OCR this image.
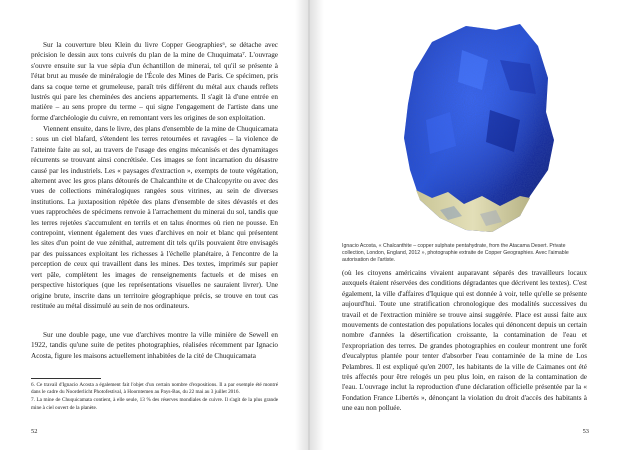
Sur la couverture bleu Klein du livre Copper Geographies⁶, se détache avec précision le dessin aux tons cuivrés du plan de la mine de Chuquimata⁷. L'ouvrage s'ouvre ensuite sur la vue sépia d'un échantillon de minerai, tel qu'il se présente à l'état brut au musée de minéralogie de l'École des Mines de Paris. Ce spécimen, pris dans sa coque terne et grumeleuse, paraît très différent du métal aux chauds reflets lustrés qui pare les cheminées des anciens appartements. Il s'agit là d'une entrée en matière – au sens propre du terme – qui signe l'engagement de l'artiste dans une forme d'archéologie du cuivre, en remontant vers les origines de son exploitation.

Viennent ensuite, dans le livre, des plans d'ensemble de la mine de Chuquicamata : sous un ciel blafard, s'étendent les terres retournées et ravagées – la violence de l'atteinte faite au sol, au travers de l'usage des engins mécanisés et des dynamitages récurrents se trouvant ainsi concrétisée. Ces images se font incarnation du désastre causé par les industriels. Les « paysages d'extraction », exempts de toute végétation, alternent avec les gros plans détourés de Chalcanthite et de Chalcopyrite ou avec des vues de collections minéralogiques rangées sous vitrines, au sein de diverses institutions. La juxtaposition répétée des plans d'ensemble de sites dévastés et des vues rapprochées de spécimens renvoie à l'arrachement du minerai du sol, tandis que les terres rejetées s'accumulent en terrils et en talus énormes où rien ne pousse. En contrepoint, viennent également des vues d'archives en noir et blanc qui présentent les sites d'un point de vue zénithal, autrement dit tels qu'ils pouvaient être envisagés par des puissances exploitant les richesses à l'échelle planétaire, à l'encontre de la perception de ceux qui travaillent dans les mines. Des textes, imprimés sur papier vert pâle, complètent les images de renseignements factuels et de mises en perspective historiques (que les représentations visuelles ne sauraient livrer). Une origine brute, inscrite dans un territoire géographique précis, se trouve en tout cas restituée au métal dissimulé au sein de nos ordinateurs.

Sur une double page, une vue d'archives montre la ville minière de Sewell en 1922, tandis qu'une suite de petites photographies, réalisées récemment par Ignacio Acosta, figure les maisons actuellement inhabitées de la cité de Chuquicamata

6. Ce travail d'Ignacio Acosta a également fait l'objet d'un certain nombre d'expositions. Il a par exemple été montré dans le cadre du Noorderlicht Photofestival, à Hoorntemen au Pays-Bas, du 22 mai au 3 juillet 2016.

7. La mine de Chuquicamata contient, à elle seule, 13 % des réserves mondiales de cuivre. Il s'agit de la plus grande mine à ciel ouvert de la planète.

52
Ignacio Acosta, « Chalcanthite – copper sulphate pentahydrate, from the Atacama Desert. Private collection, London, England, 2012 », photographie extraite de Copper Geographies. Avec l'aimable autorisation de l'artiste.

(où les citoyens américains vivaient auparavant séparés des travailleurs locaux auxquels étaient réservées des conditions dégradantes que décrivent les textes). C'est également, la ville d'affaires d'Iquique qui est donnée à voir, telle qu'elle se présente aujourd'hui. Toute une stratification chronologique des modalités successives du travail et de l'extraction minière se trouve ainsi suggérée. Place est aussi faite aux mouvements de contestation des populations locales qui dénoncent depuis un certain nombre d'années la désertification croissante, la contamination de l'eau et l'expropriation des terres. De grandes photographies en couleur montrent une forêt d'eucalyptus plantée pour tenter d'absorber l'eau contaminée de la mine de Los Pelambres. Il est expliqué qu'en 2007, les habitants de la ville de Caimanes ont été très affectés pour être relogés un peu plus loin, en raison de la contamination de l'eau. L'ouvrage inclut la reproduction d'une déclaration officielle présentée par la « Fondation France Libertés », dénonçant la violation du droit d'accès des habitants à une eau non polluée.

53
